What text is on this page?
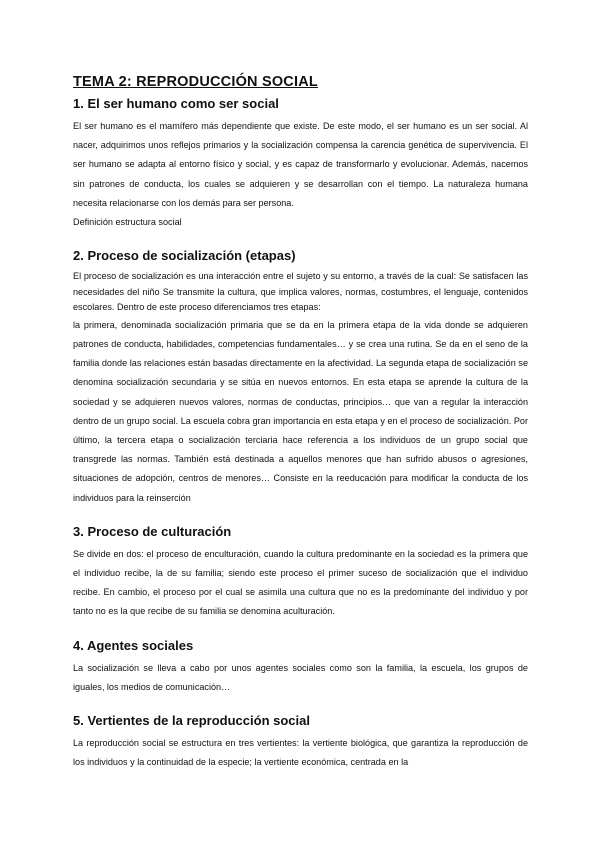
TEMA 2: REPRODUCCIÓN SOCIAL
1. El ser humano como ser social

El ser humano es el mamífero más dependiente que existe. De este modo, el ser humano es un ser social. Al nacer, adquirimos unos reflejos primarios y la socialización compensa la carencia genética de supervivencia. El ser humano se adapta al entorno físico y social, y es capaz de transformarlo y evolucionar. Además, nacemos sin patrones de conducta, los cuales se adquieren y se desarrollan con el tiempo. La naturaleza humana necesita relacionarse con los demás para ser persona.

Definición estructura social

2. Proceso de socialización (etapas)

El proceso de socialización es una interacción entre el sujeto y su entorno, a través de la cual: Se satisfacen las necesidades del niño Se transmite la cultura, que implica valores, normas, costumbres, el lenguaje, contenidos escolares. Dentro de este proceso diferenciamos tres etapas:

la primera, denominada socialización primaria que se da en la primera etapa de la vida donde se adquieren patrones de conducta, habilidades, competencias fundamentales… y se crea una rutina. Se da en el seno de la familia donde las relaciones están basadas directamente en la afectividad. La segunda etapa de socialización se denomina socialización secundaria y se sitúa en nuevos entornos. En esta etapa se aprende la cultura de la sociedad y se adquieren nuevos valores, normas de conductas, principios… que van a regular la interacción dentro de un grupo social. La escuela cobra gran importancia en esta etapa y en el proceso de socialización. Por último, la tercera etapa o socialización terciaria hace referencia a los individuos de un grupo social que transgrede las normas. También está destinada a aquellos menores que han sufrido abusos o agresiones, situaciones de adopción, centros de menores… Consiste en la reeducación para modificar la conducta de los individuos para la reinserción

3. Proceso de culturación

Se divide en dos: el proceso de enculturación, cuando la cultura predominante en la sociedad es la primera que el individuo recibe, la de su familia; siendo este proceso el primer suceso de socialización que el individuo recibe. En cambio, el proceso por el cual se asimila una cultura que no es la predominante del individuo y por tanto no es la que recibe de su familia se denomina aculturación.

4. Agentes sociales

La socialización se lleva a cabo por unos agentes sociales como son la familia, la escuela, los grupos de iguales, los medios de comunicación…

5. Vertientes de la reproducción social

La reproducción social se estructura en tres vertientes: la vertiente biológica, que garantiza la reproducción de los individuos y la continuidad de la especie; la vertiente económica, centrada en la
